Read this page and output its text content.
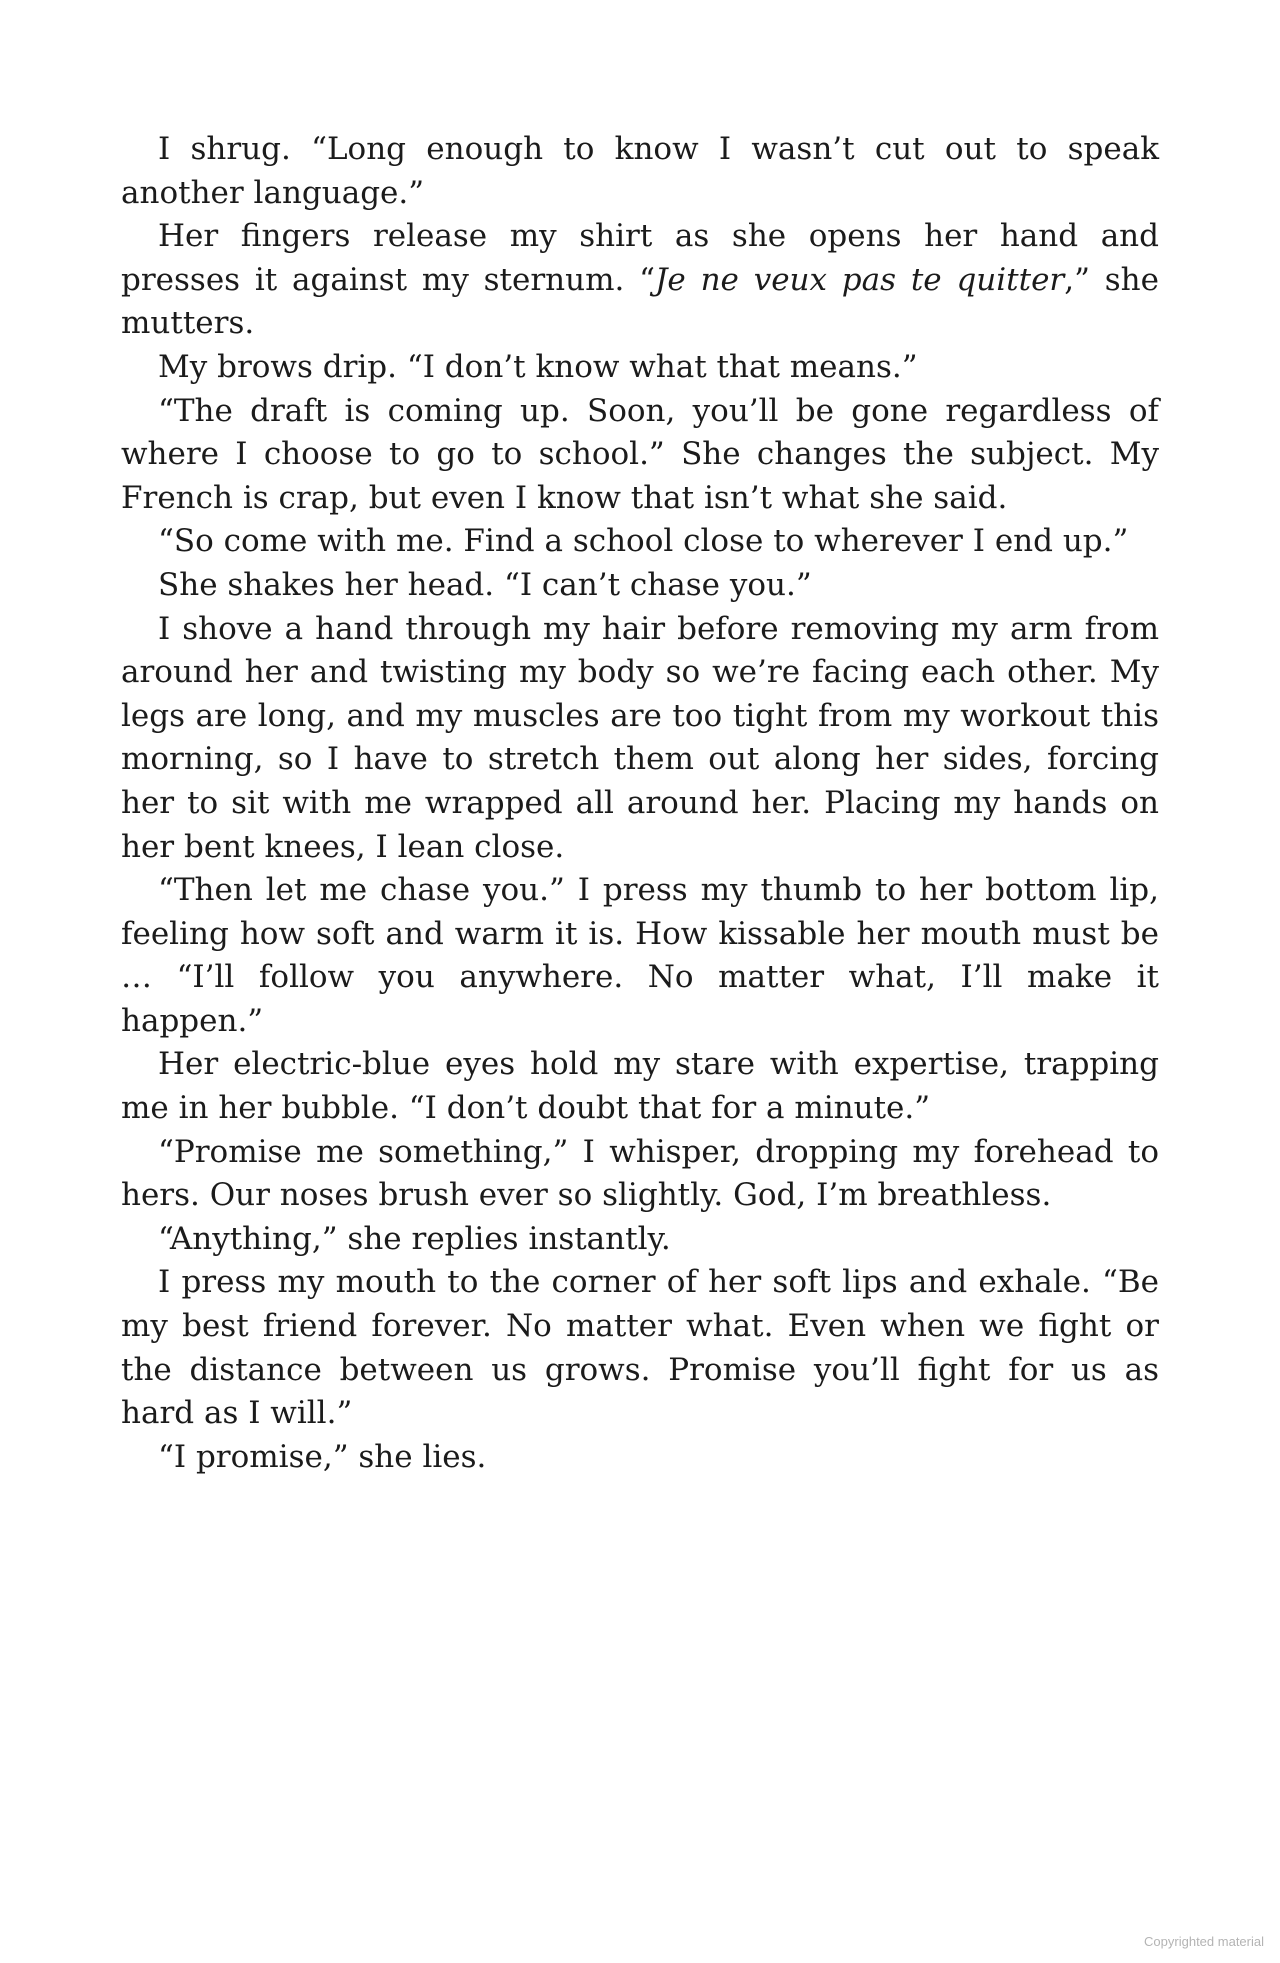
I shrug. “Long enough to know I wasn’t cut out to speak another language.”

Her fingers release my shirt as she opens her hand and presses it against my sternum. “Je ne veux pas te quitter,” she mutters.

My brows drip. “I don’t know what that means.”

“The draft is coming up. Soon, you’ll be gone regardless of where I choose to go to school.” She changes the subject. My French is crap, but even I know that isn’t what she said.

“So come with me. Find a school close to wherever I end up.”

She shakes her head. “I can’t chase you.”

I shove a hand through my hair before removing my arm from around her and twisting my body so we’re facing each other. My legs are long, and my muscles are too tight from my workout this morning, so I have to stretch them out along her sides, forcing her to sit with me wrapped all around her. Placing my hands on her bent knees, I lean close.

“Then let me chase you.” I press my thumb to her bottom lip, feeling how soft and warm it is. How kissable her mouth must be … “I’ll follow you anywhere. No matter what, I’ll make it happen.”

Her electric-blue eyes hold my stare with expertise, trapping me in her bubble. “I don’t doubt that for a minute.”

“Promise me something,” I whisper, dropping my forehead to hers. Our noses brush ever so slightly. God, I’m breathless.

“Anything,” she replies instantly.

I press my mouth to the corner of her soft lips and exhale. “Be my best friend forever. No matter what. Even when we fight or the distance between us grows. Promise you’ll fight for us as hard as I will.”

“I promise,” she lies.

Copyrighted material
